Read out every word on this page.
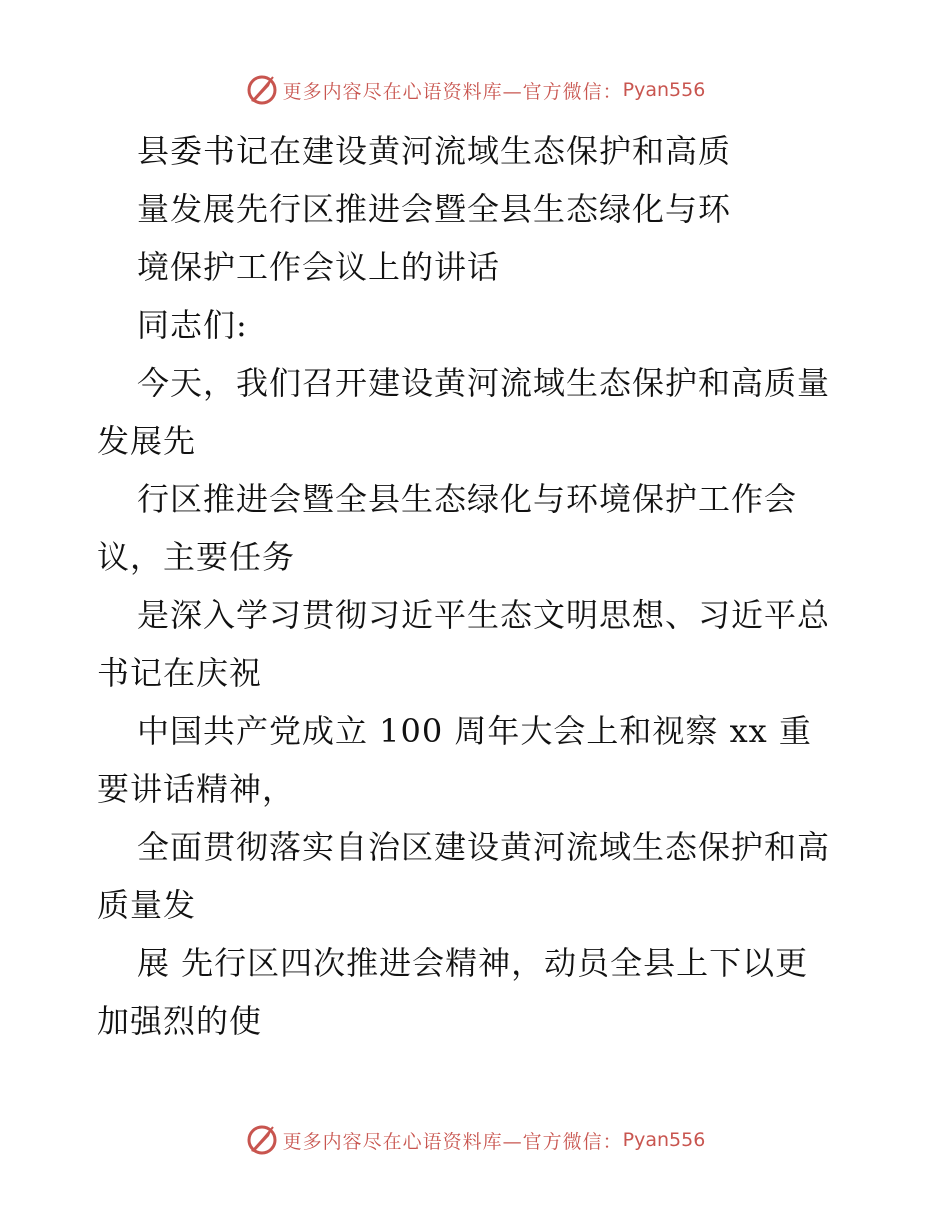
更多内容尽在心语资料库—官方微信： Pyan556
县委书记在建设黄河流域生态保护和高质
量发展先行区推进会暨全县生态绿化与环
境保护工作会议上的讲话
同志们:
今天，我们召开建设黄河流域生态保护和高质量
发展先
行区推进会暨全县生态绿化与环境保护工作会
议，主要任务
是深入学习贯彻习近平生态文明思想、习近平总
书记在庆祝
中国共产党成立 100 周年大会上和视察 xx 重
要讲话精神，
全面贯彻落实自治区建设黄河流域生态保护和高
质量发
展 先行区四次推进会精神，动员全县上下以更
加强烈的使
更多内容尽在心语资料库—官方微信： Pyan556
